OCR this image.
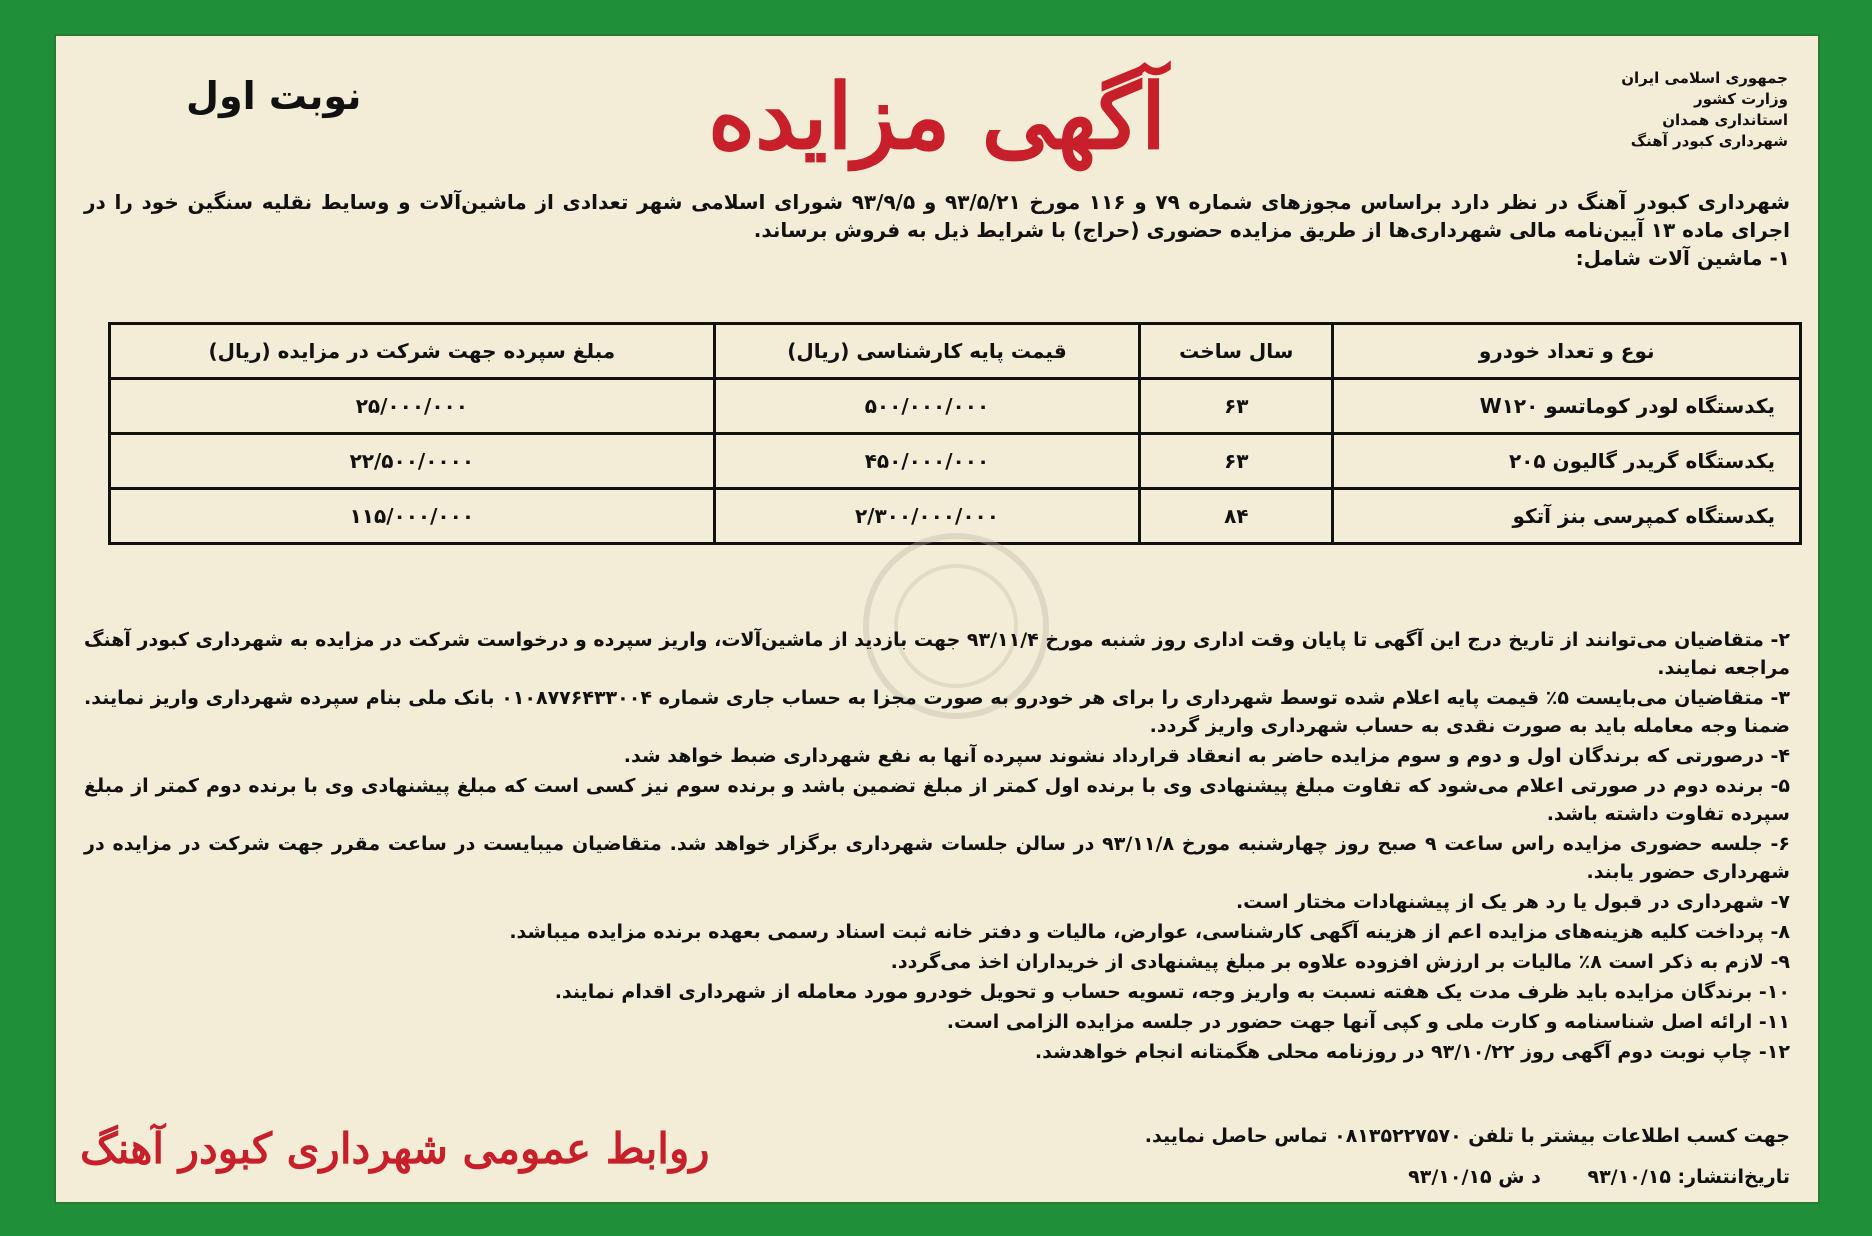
جمهوری اسلامی ایران
وزارت کشور
استانداری همدان
شهرداری کبودر آهنگ
آگهی مزایده
نوبت اول

شهرداری کبودر آهنگ در نظر دارد براساس مجوزهای شماره ۷۹ و ۱۱۶ مورخ ۹۳/۵/۲۱ و ۹۳/۹/۵ شورای اسلامی شهر تعدادی از ماشین‌آلات و وسایط نقلیه سنگین خود را در اجرای ماده ۱۳ آیین‌نامه مالی شهرداری‌ها از طریق مزایده حضوری (حراج) با شرایط ذیل به فروش برساند.

۱- ماشین آلات شامل:

نوع و تعداد خودرو	سال ساخت	قیمت پایه کارشناسی (ریال)	مبلغ سپرده جهت شرکت در مزایده (ریال)
یکدستگاه لودر کوماتسو W۱۲۰	۶۳	۵۰۰/۰۰۰/۰۰۰	۲۵/۰۰۰/۰۰۰
یکدستگاه گریدر گالیون ۲۰۵	۶۳	۴۵۰/۰۰۰/۰۰۰	۲۲/۵۰۰/۰۰۰۰
یکدستگاه کمپرسی بنز آتکو	۸۴	۲/۳۰۰/۰۰۰/۰۰۰	۱۱۵/۰۰۰/۰۰۰

۲- متقاضیان می‌توانند از تاریخ درج این آگهی تا پایان وقت اداری روز شنبه مورخ ۹۳/۱۱/۴ جهت بازدید از ماشین‌آلات، واریز سپرده و درخواست شرکت در مزایده به شهرداری کبودر آهنگ مراجعه نمایند.

۳- متقاضیان می‌بایست ۵٪ قیمت پایه اعلام شده توسط شهرداری را برای هر خودرو به صورت مجزا به حساب جاری شماره ۰۱۰۸۷۷۶۴۳۳۰۰۴ بانک ملی بنام سپرده شهرداری واریز نمایند. ضمنا وجه معامله باید به صورت نقدی به حساب شهرداری واریز گردد.

۴- درصورتی که برندگان اول و دوم و سوم مزایده حاضر به انعقاد قرارداد نشوند سپرده آنها به نفع شهرداری ضبط خواهد شد.

۵- برنده دوم در صورتی اعلام می‌شود که تفاوت مبلغ پیشنهادی وی با برنده اول کمتر از مبلغ تضمین باشد و برنده سوم نیز کسی است که مبلغ پیشنهادی وی با برنده دوم کمتر از مبلغ سپرده تفاوت داشته باشد.

۶- جلسه حضوری مزایده راس ساعت ۹ صبح روز چهارشنبه مورخ ۹۳/۱۱/۸ در سالن جلسات شهرداری برگزار خواهد شد. متقاضیان میبایست در ساعت مقرر جهت شرکت در مزایده در شهرداری حضور یابند.

۷- شهرداری در قبول یا رد هر یک از پیشنهادات مختار است.

۸- پرداخت کلیه هزینه‌های مزایده اعم از هزینه آگهی کارشناسی، عوارض، مالیات و دفتر خانه ثبت اسناد رسمی بعهده برنده مزایده میباشد.

۹- لازم به ذکر است ۸٪ مالیات بر ارزش افزوده علاوه بر مبلغ پیشنهادی از خریداران اخذ می‌گردد.

۱۰- برندگان مزایده باید ظرف مدت یک هفته نسبت به واریز وجه، تسویه حساب و تحویل خودرو مورد معامله از شهرداری اقدام نمایند.

۱۱- ارائه اصل شناسنامه و کارت ملی و کپی آنها جهت حضور در جلسه مزایده الزامی است.

۱۲- چاپ نوبت دوم آگهی روز ۹۳/۱۰/۲۲ در روزنامه محلی هگمتانه انجام خواهدشد.

جهت کسب اطلاعات بیشتر با تلفن ۰۸۱۳۵۲۲۷۵۷۰ تماس حاصل نمایید.
تاریخ‌انتشار: ۹۳/۱۰/۱۵ د ش ۹۳/۱۰/۱۵
روابط عمومی شهرداری کبودر آهنگ
